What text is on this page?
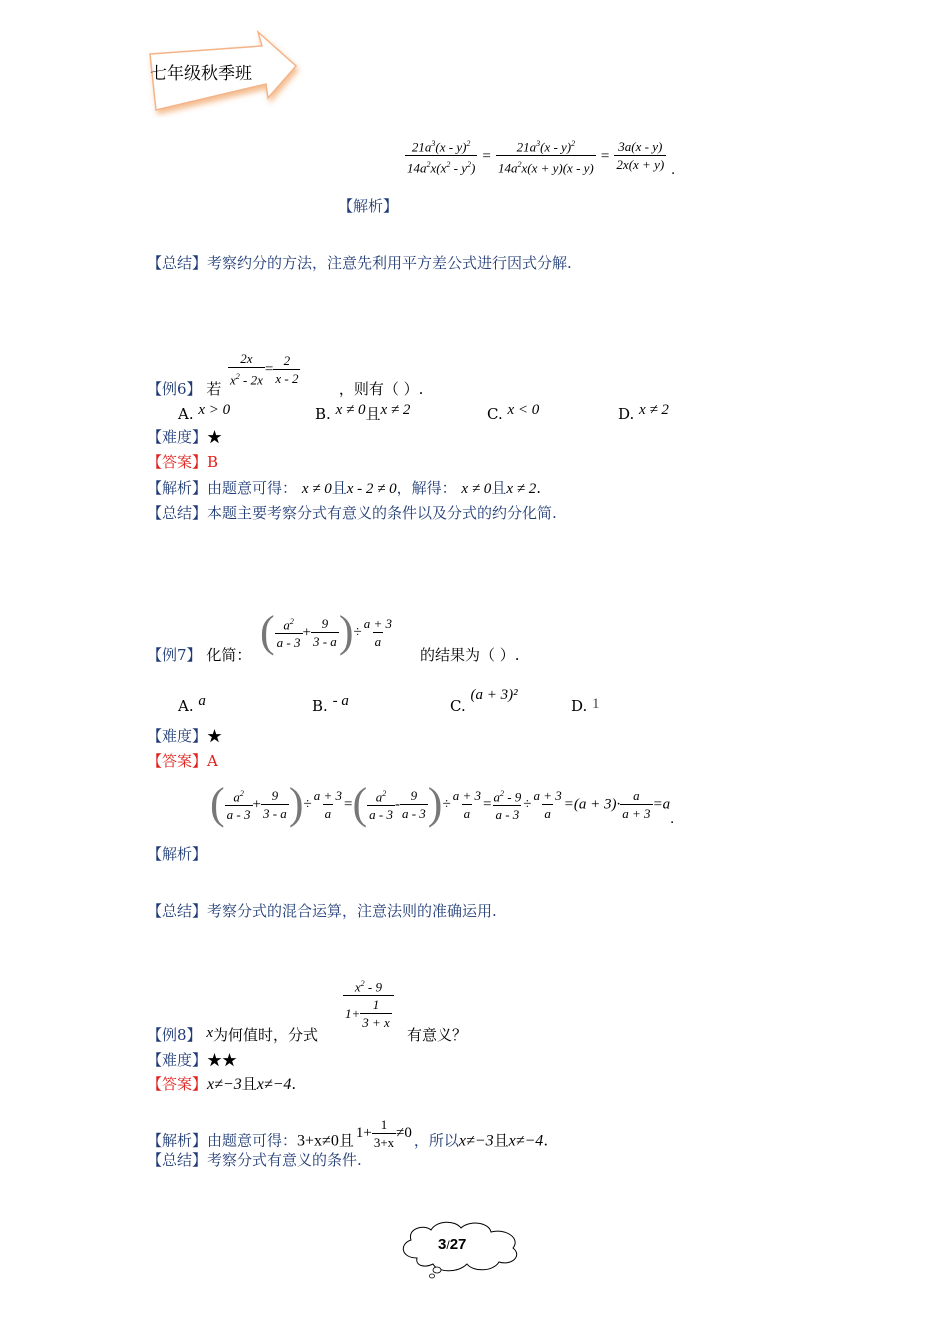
七年级秋季班
$\frac{21a^3(x - y)^2}{14a^2x(x^2 - y^2)} = \frac{21a^3(x - y)^2}{14a^2x(x + y)(x - y)} = \frac{3a(x - y)}{2x(x + y)}$ .
【解析】
【总结】考察约分的方法，注意先利用平方差公式进行因式分解.
$\frac{2x}{x^2 - 2x} = \frac{2}{x - 2}$
【例6】 若	，则有（ ）.
A. x > 0	B. x ≠ 0且x ≠ 2	C. x < 0	D. x ≠ 2
【难度】★
【答案】B
【解析】由题意可得： x ≠ 0且x - 2 ≠ 0，解得： x ≠ 0且x ≠ 2.
【总结】本题主要考察分式有意义的条件以及分式的约分化简.
( $\frac{a^2}{a - 3} + \frac{9}{3 - a}$ )÷ $\frac{a + 3}{a}$
【例7】 化简：	的结果为（ ）.
A. a	B. - a	C. (a + 3)²
D. 1
【难度】★
【答案】A
( $\frac{a^2}{a - 3} + \frac{9}{3 - a}$ )÷ $\frac{a + 3}{a}$ =( $\frac{a^2}{a - 3} - \frac{9}{a - 3}$ )÷ $\frac{a + 3}{a} = \frac{a^2 - 9}{a - 3} \div \frac{a + 3}{a} =(a + 3)\cdot \frac{a}{a + 3} =a$.
【解析】
【总结】考察分式的混合运算，注意法则的准确运用.
$\frac{x^2 - 9}{1+ \frac{1}{3 + x}}$
【例8】 x为何值时，分式	有意义？
【难度】★★
【答案】x≠−3且x≠−4.
【解析】由题意可得：3+x≠0且 $1+ \frac{1}{3+x} \ne 0$ ，所以x≠−3且x≠−4.
【总结】考察分式有意义的条件.
3/27
